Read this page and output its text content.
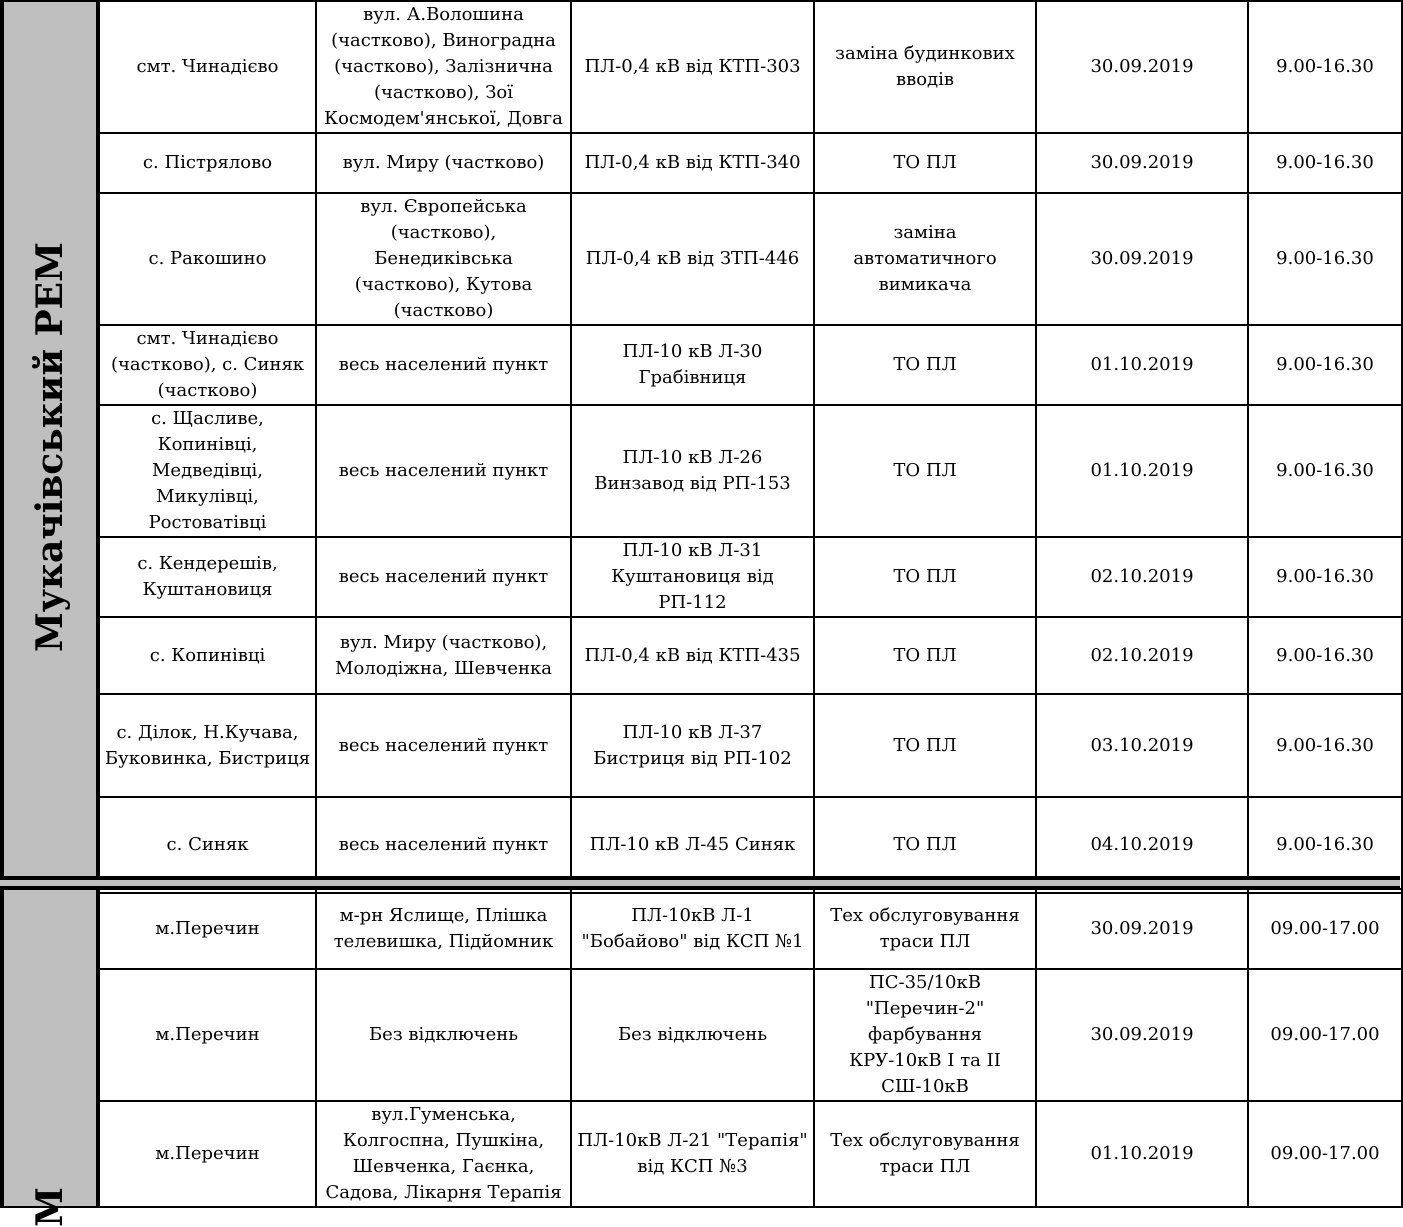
Мукачівський РЕМ	смт. Чинадієво	вул. А.Волошина (частково), Виноградна (частково), Залізнична (частково), Зої Космодем'янської, Довга	ПЛ-0,4 кВ від КТП-303	заміна будинкових вводів	30.09.2019	9.00-16.30
	с. Пістрялово	вул. Миру (частково)	ПЛ-0,4 кВ від КТП-340	ТО ПЛ	30.09.2019	9.00-16.30
	с. Ракошино	вул. Європейська (частково), Бенедиківська (частково), Кутова (частково)	ПЛ-0,4 кВ від ЗТП-446	заміна автоматичного вимикача	30.09.2019	9.00-16.30
	смт. Чинадієво (частково), с. Синяк (частково)	весь населений пункт	ПЛ-10 кВ Л-30 Грабівниця	ТО ПЛ	01.10.2019	9.00-16.30
	с. Щасливе, Копинівці, Медведівці, Микулівці, Ростоватівці	весь населений пункт	ПЛ-10 кВ Л-26 Винзавод від РП-153	ТО ПЛ	01.10.2019	9.00-16.30
	с. Кендерешів, Куштановиця	весь населений пункт	ПЛ-10 кВ Л-31 Куштановиця від РП-112	ТО ПЛ	02.10.2019	9.00-16.30
	с. Копинівці	вул. Миру (частково), Молодіжна, Шевченка	ПЛ-0,4 кВ від КТП-435	ТО ПЛ	02.10.2019	9.00-16.30
	с. Ділок, Н.Кучава, Буковинка, Бистриця	весь населений пункт	ПЛ-10 кВ Л-37 Бистриця від РП-102	ТО ПЛ	03.10.2019	9.00-16.30
	с. Синяк	весь населений пункт	ПЛ-10 кВ Л-45 Синяк	ТО ПЛ	04.10.2019	9.00-16.30
М	м.Перечин	м-рн Яслище, Плішка телевишка, Підйомник	ПЛ-10кВ Л-1 "Бобайово" від КСП №1	Тех обслуговування траси ПЛ	30.09.2019	09.00-17.00
	м.Перечин	Без відключень	Без відключень	ПС-35/10кВ "Перечин-2" фарбування КРУ-10кВ І та ІІ СШ-10кВ	30.09.2019	09.00-17.00
	м.Перечин	вул.Гуменська, Колгоспна, Пушкіна, Шевченка, Гаєнка, Садова, Лікарня Терапія	ПЛ-10кВ Л-21 "Терапія" від КСП №3	Тех обслуговування траси ПЛ	01.10.2019	09.00-17.00
